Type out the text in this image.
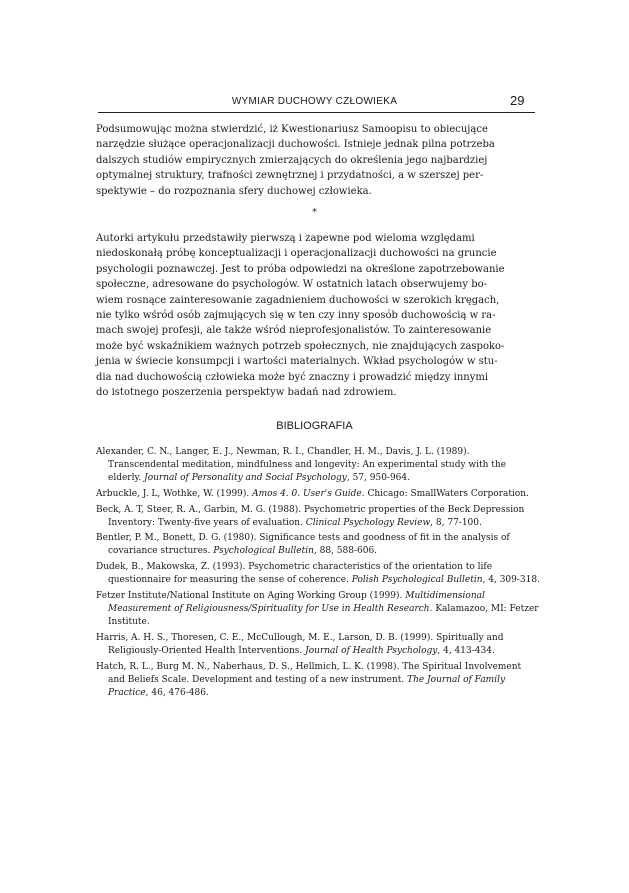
WYMIAR DUCHOWY CZŁOWIEKA	29
Podsumowując można stwierdzić, iż Kwestionariusz Samoopisu to obiecujące
narzędzie służące operacjonalizacji duchowości. Istnieje jednak pilna potrzeba
dalszych studiów empirycznych zmierzających do określenia jego najbardziej
optymalnej struktury, trafności zewnętrznej i przydatności, a w szerszej per-
spektywie – do rozpoznania sfery duchowej człowieka.
*
Autorki artykułu przedstawiły pierwszą i zapewne pod wieloma względami
niedoskonałą próbę konceptualizacji i operacjonalizacji duchowości na gruncie
psychologii poznawczej. Jest to próba odpowiedzi na określone zapotrzebowanie
społeczne, adresowane do psychologów. W ostatnich latach obserwujemy bo-
wiem rosnące zainteresowanie zagadnieniem duchowości w szerokich kręgach,
nie tylko wśród osób zajmujących się w ten czy inny sposób duchowością w ra-
mach swojej profesji, ale także wśród nieprofesjonalistów. To zainteresowanie
może być wskaźnikiem ważnych potrzeb społecznych, nie znajdujących zaspoko-
jenia w świecie konsumpcji i wartości materialnych. Wkład psychologów w stu-
dia nad duchowością człowieka może być znaczny i prowadzić między innymi
do istotnego poszerzenia perspektyw badań nad zdrowiem.
BIBLIOGRAFIA
Alexander, C. N., Langer, E. J., Newman, R. I., Chandler, H. M., Davis, J. L. (1989). Transcendental meditation, mindfulness and longevity: An experimental study with the elderly. Journal of Personality and Social Psychology, 57, 950-964.
Arbuckle, J. L, Wothke, W. (1999). Amos 4. 0. User's Guide. Chicago: SmallWaters Corporation.
Beck, A. T, Steer, R. A., Garbin, M. G. (1988). Psychometric properties of the Beck Depression Inventory: Twenty-five years of evaluation. Clinical Psychology Review, 8, 77-100.
Bentler, P. M., Bonett, D. G. (1980). Significance tests and goodness of fit in the analysis of covariance structures. Psychological Bulletin, 88, 588-606.
Dudek, B., Makowska, Z. (1993). Psychometric characteristics of the orientation to life questionnaire for measuring the sense of coherence. Polish Psychological Bulletin, 4, 309-318.
Fetzer Institute/National Institute on Aging Working Group (1999). Multidimensional Measurement of Religiousness/Spirituality for Use in Health Research. Kalamazoo, MI: Fetzer Institute.
Harris, A. H. S., Thoresen, C. E., McCullough, M. E., Larson, D. B. (1999). Spiritually and Religiously-Oriented Health Interventions. Journal of Health Psychology, 4, 413-434.
Hatch, R. L., Burg M. N., Naberhaus, D. S., Hellmich, L. K. (1998). The Spiritual Involvement and Beliefs Scale. Development and testing of a new instrument. The Journal of Family Practice, 46, 476-486.
